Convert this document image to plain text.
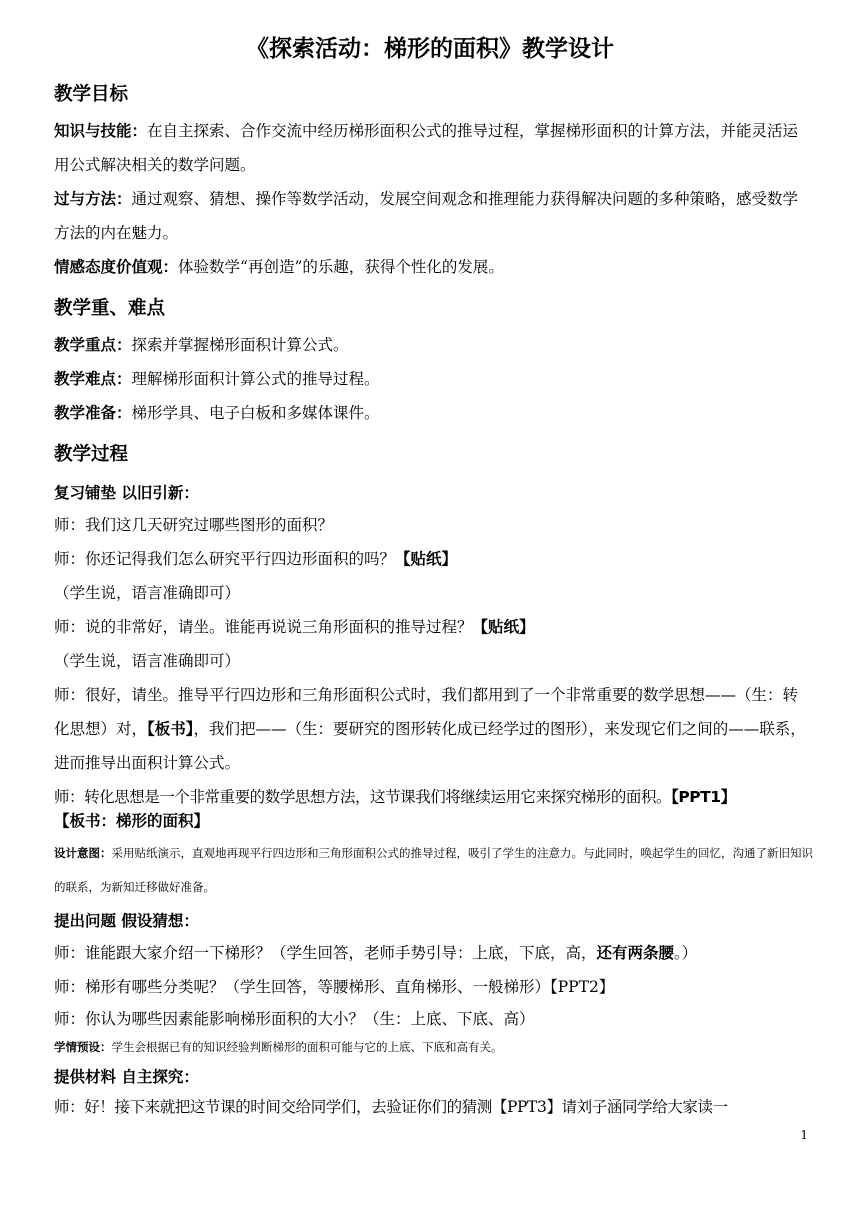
《探索活动：梯形的面积》教学设计
教学目标
知识与技能：在自主探索、合作交流中经历梯形面积公式的推导过程，掌握梯形面积的计算方法，并能灵活运用公式解决相关的数学问题。
过与方法：通过观察、猜想、操作等数学活动，发展空间观念和推理能力获得解决问题的多种策略，感受数学方法的内在魅力。
情感态度价值观：体验数学“再创造”的乐趣，获得个性化的发展。
教学重、难点
教学重点：探索并掌握梯形面积计算公式。
教学难点：理解梯形面积计算公式的推导过程。
教学准备：梯形学具、电子白板和多媒体课件。
教学过程
复习铺垫 以旧引新：
师：我们这几天研究过哪些图形的面积？
师：你还记得我们怎么研究平行四边形面积的吗？【贴纸】
（学生说，语言准确即可）
师：说的非常好，请坐。谁能再说说三角形面积的推导过程？【贴纸】
（学生说，语言准确即可）
师：很好，请坐。推导平行四边形和三角形面积公式时，我们都用到了一个非常重要的数学思想——（生：转化思想）对，【板书】，我们把——（生：要研究的图形转化成已经学过的图形），来发现它们之间的——联系，进而推导出面积计算公式。
师：转化思想是一个非常重要的数学思想方法，这节课我们将继续运用它来探究梯形的面积。【PPT1】
【板书：梯形的面积】
设计意图：采用贴纸演示，直观地再现平行四边形和三角形面积公式的推导过程，吸引了学生的注意力。与此同时，唤起学生的回忆，沟通了新旧知识的联系，为新知迁移做好准备。
提出问题 假设猜想：
师：谁能跟大家介绍一下梯形？（学生回答，老师手势引导：上底，下底，高，还有两条腰。）
师：梯形有哪些分类呢？（学生回答，等腰梯形、直角梯形、一般梯形）【PPT2】
师：你认为哪些因素能影响梯形面积的大小？（生：上底、下底、高）
学情预设：学生会根据已有的知识经验判断梯形的面积可能与它的上底、下底和高有关。
提供材料 自主探究：
师：好！接下来就把这节课的时间交给同学们，去验证你们的猜测【PPT3】请刘子涵同学给大家读一
1
